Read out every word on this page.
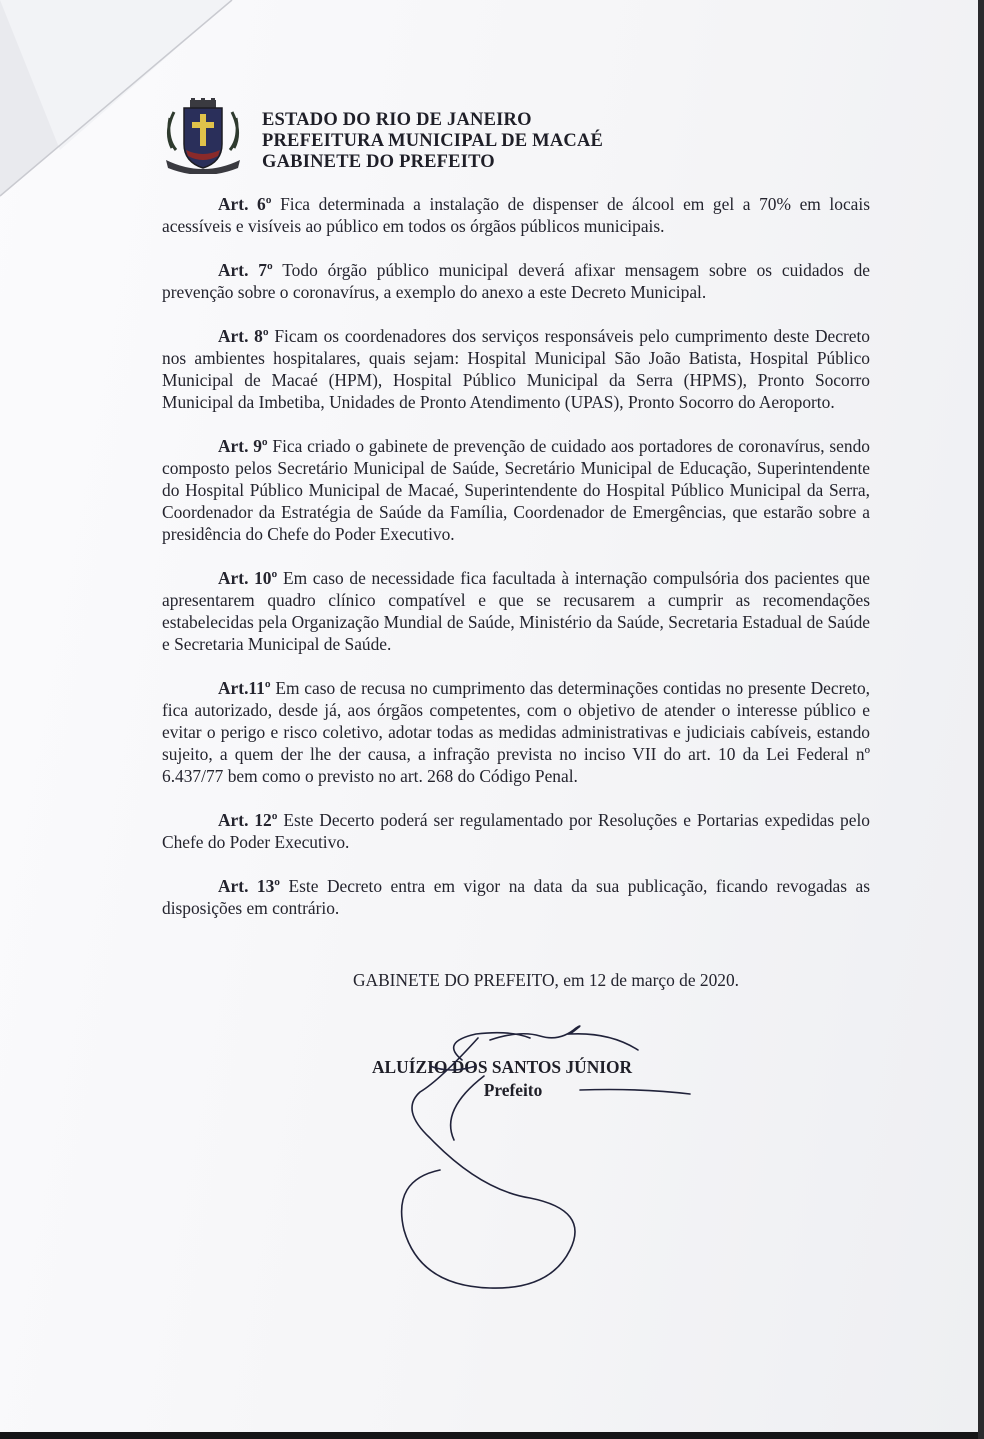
ESTADO DO RIO DE JANEIRO
PREFEITURA MUNICIPAL DE MACAÉ
GABINETE DO PREFEITO

Art. 6º Fica determinada a instalação de dispenser de álcool em gel a 70% em locais acessíveis e visíveis ao público em todos os órgãos públicos municipais.

Art. 7º Todo órgão público municipal deverá afixar mensagem sobre os cuidados de prevenção sobre o coronavírus, a exemplo do anexo a este Decreto Municipal.

Art. 8º Ficam os coordenadores dos serviços responsáveis pelo cumprimento deste Decreto nos ambientes hospitalares, quais sejam: Hospital Municipal São João Batista, Hospital Público Municipal de Macaé (HPM), Hospital Público Municipal da Serra (HPMS), Pronto Socorro Municipal da Imbetiba, Unidades de Pronto Atendimento (UPAS), Pronto Socorro do Aeroporto.

Art. 9º Fica criado o gabinete de prevenção de cuidado aos portadores de coronavírus, sendo composto pelos Secretário Municipal de Saúde, Secretário Municipal de Educação, Superintendente do Hospital Público Municipal de Macaé, Superintendente do Hospital Público Municipal da Serra, Coordenador da Estratégia de Saúde da Família, Coordenador de Emergências, que estarão sobre a presidência do Chefe do Poder Executivo.

Art. 10º Em caso de necessidade fica facultada à internação compulsória dos pacientes que apresentarem quadro clínico compatível e que se recusarem a cumprir as recomendações estabelecidas pela Organização Mundial de Saúde, Ministério da Saúde, Secretaria Estadual de Saúde e Secretaria Municipal de Saúde.

Art.11º Em caso de recusa no cumprimento das determinações contidas no presente Decreto, fica autorizado, desde já, aos órgãos competentes, com o objetivo de atender o interesse público e evitar o perigo e risco coletivo, adotar todas as medidas administrativas e judiciais cabíveis, estando sujeito, a quem der lhe der causa, a infração prevista no inciso VII do art. 10 da Lei Federal nº 6.437/77 bem como o previsto no art. 268 do Código Penal.

Art. 12º Este Decerto poderá ser regulamentado por Resoluções e Portarias expedidas pelo Chefe do Poder Executivo.

Art. 13º Este Decreto entra em vigor na data da sua publicação, ficando revogadas as disposições em contrário.

GABINETE DO PREFEITO, em 12 de março de 2020.
ALUÍZIO DOS SANTOS JÚNIOR
Prefeito
